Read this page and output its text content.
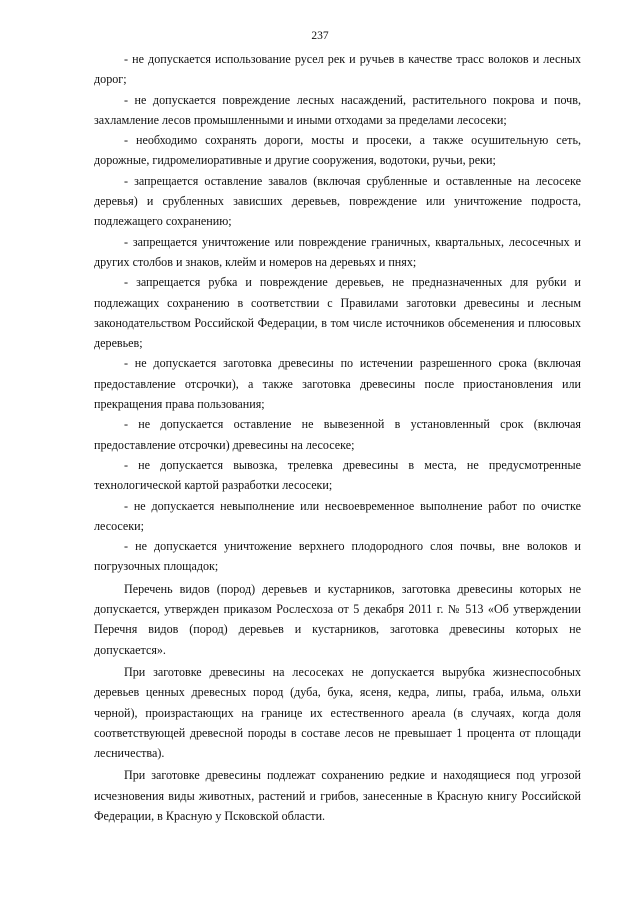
237

- не допускается использование русел рек и ручьев в качестве трасс волоков и лесных дорог;

- не допускается повреждение лесных насаждений, растительного покрова и почв, захламление лесов промышленными и иными отходами за пределами лесосеки;

- необходимо сохранять дороги, мосты и просеки, а также осушительную сеть, дорожные, гидромелиоративные и другие сооружения, водотоки, ручьи, реки;

- запрещается оставление завалов (включая срубленные и оставленные на лесосеке деревья) и срубленных зависших деревьев, повреждение или уничтожение подроста, подлежащего сохранению;

- запрещается уничтожение или повреждение граничных, квартальных, лесосечных и других столбов и знаков, клейм и номеров на деревьях и пнях;

- запрещается рубка и повреждение деревьев, не предназначенных для рубки и подлежащих сохранению в соответствии с Правилами заготовки древесины и лесным законодательством Российской Федерации, в том числе источников обсеменения и плюсовых деревьев;

- не допускается заготовка древесины по истечении разрешенного срока (включая предоставление отсрочки), а также заготовка древесины после приостановления или прекращения права пользования;

- не допускается оставление не вывезенной в установленный срок (включая предоставление отсрочки) древесины на лесосеке;

- не допускается вывозка, трелевка древесины в места, не предусмотренные технологической картой разработки лесосеки;

- не допускается невыполнение или несвоевременное выполнение работ по очистке лесосеки;

- не допускается уничтожение верхнего плодородного слоя почвы, вне волоков и погрузочных площадок;

Перечень видов (пород) деревьев и кустарников, заготовка древесины которых не допускается, утвержден приказом Рослесхоза от 5 декабря 2011 г. № 513 «Об утверждении Перечня видов (пород) деревьев и кустарников, заготовка древесины которых не допускается».

При заготовке древесины на лесосеках не допускается вырубка жизнеспособных деревьев ценных древесных пород (дуба, бука, ясеня, кедра, липы, граба, ильма, ольхи черной), произрастающих на границе их естественного ареала (в случаях, когда доля соответствующей древесной породы в составе лесов не превышает 1 процента от площади лесничества).

При заготовке древесины подлежат сохранению редкие и находящиеся под угрозой исчезновения виды животных, растений и грибов, занесенные в Красную книгу Российской Федерации, в Красную у Псковской области.
